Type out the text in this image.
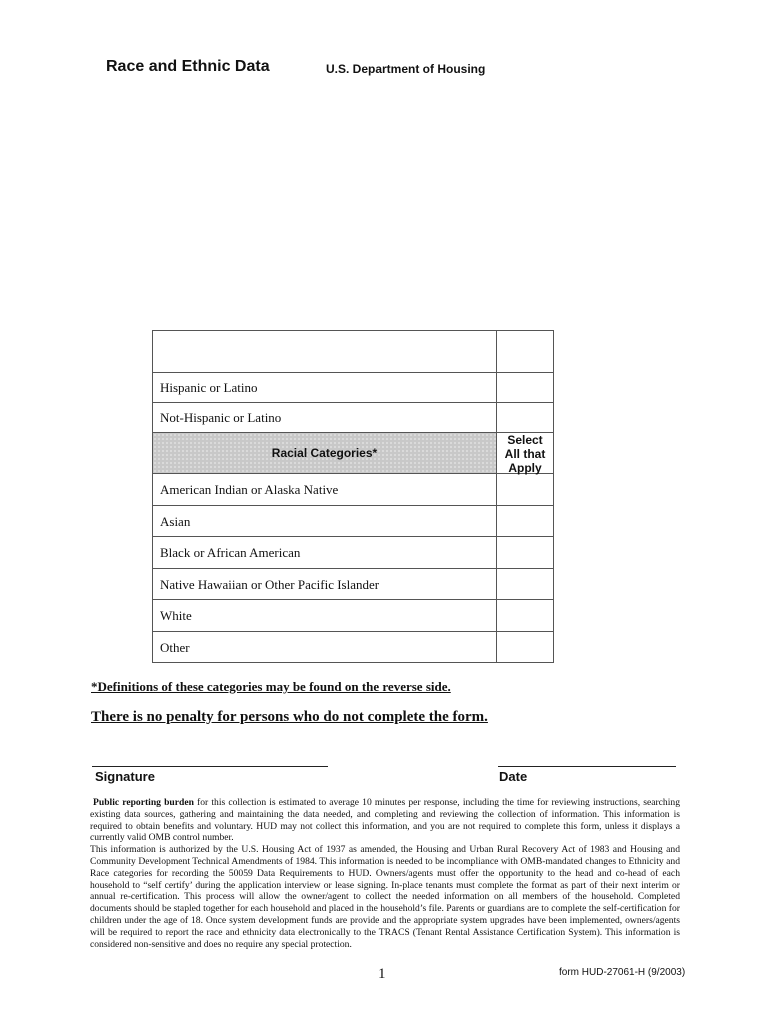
Race and Ethnic Data	U.S. Department of Housing
Hispanic or Latino
Not-Hispanic or Latino
Racial Categories*
Select
All that
Apply
American Indian or Alaska Native
Asian
Black or African American
Native Hawaiian or Other Pacific Islander
White
Other
*Definitions of these categories may be found on the reverse side.
There is no penalty for persons who do not complete the form.
Signature	Date

Public reporting burden for this collection is estimated to average 10 minutes per response, including the time for reviewing instructions, searching existing data sources, gathering and maintaining the data needed, and completing and reviewing the collection of information. This information is required to obtain benefits and voluntary. HUD may not collect this information, and you are not required to complete this form, unless it displays a currently valid OMB control number.

This information is authorized by the U.S. Housing Act of 1937 as amended, the Housing and Urban Rural Recovery Act of 1983 and Housing and Community Development Technical Amendments of 1984. This information is needed to be incompliance with OMB-mandated changes to Ethnicity and Race categories for recording the 50059 Data Requirements to HUD. Owners/agents must offer the opportunity to the head and co-head of each household to “self certify’ during the application interview or lease signing. In-place tenants must complete the format as part of their next interim or annual re-certification. This process will allow the owner/agent to collect the needed information on all members of the household. Completed documents should be stapled together for each household and placed in the household’s file. Parents or guardians are to complete the self-certification for children under the age of 18. Once system development funds are provide and the appropriate system upgrades have been implemented, owners/agents will be required to report the race and ethnicity data electronically to the TRACS (Tenant Rental Assistance Certification System). This information is considered non-sensitive and does no require any special protection.

1	form HUD-27061-H (9/2003)
